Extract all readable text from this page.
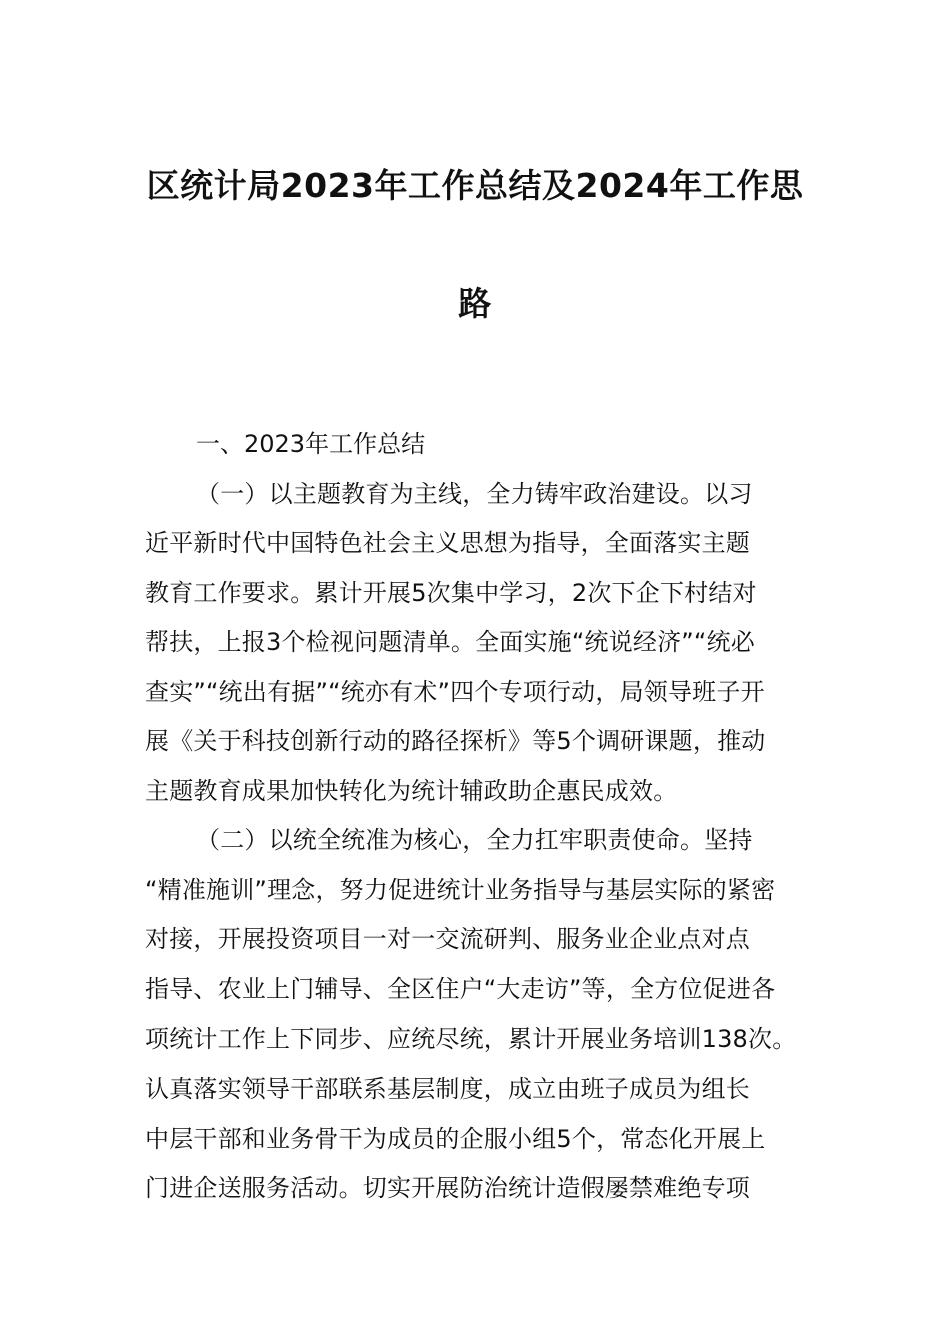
区统计局2023年工作总结及2024年工作思
路
一、2023年工作总结
（一）以主题教育为主线，全力铸牢政治建设。以习
近平新时代中国特色社会主义思想为指导，全面落实主题
教育工作要求。累计开展5次集中学习，2次下企下村结对
帮扶，上报3个检视问题清单。全面实施“统说经济”“统必
查实”“统出有据”“统亦有术”四个专项行动，局领导班子开
展《关于科技创新行动的路径探析》等5个调研课题，推动
主题教育成果加快转化为统计辅政助企惠民成效。
（二）以统全统准为核心，全力扛牢职责使命。坚持
“精准施训”理念，努力促进统计业务指导与基层实际的紧密
对接，开展投资项目一对一交流研判、服务业企业点对点
指导、农业上门辅导、全区住户“大走访”等，全方位促进各
项统计工作上下同步、应统尽统，累计开展业务培训138次。
认真落实领导干部联系基层制度，成立由班子成员为组长
中层干部和业务骨干为成员的企服小组5个，常态化开展上
门进企送服务活动。切实开展防治统计造假屡禁难绝专项
